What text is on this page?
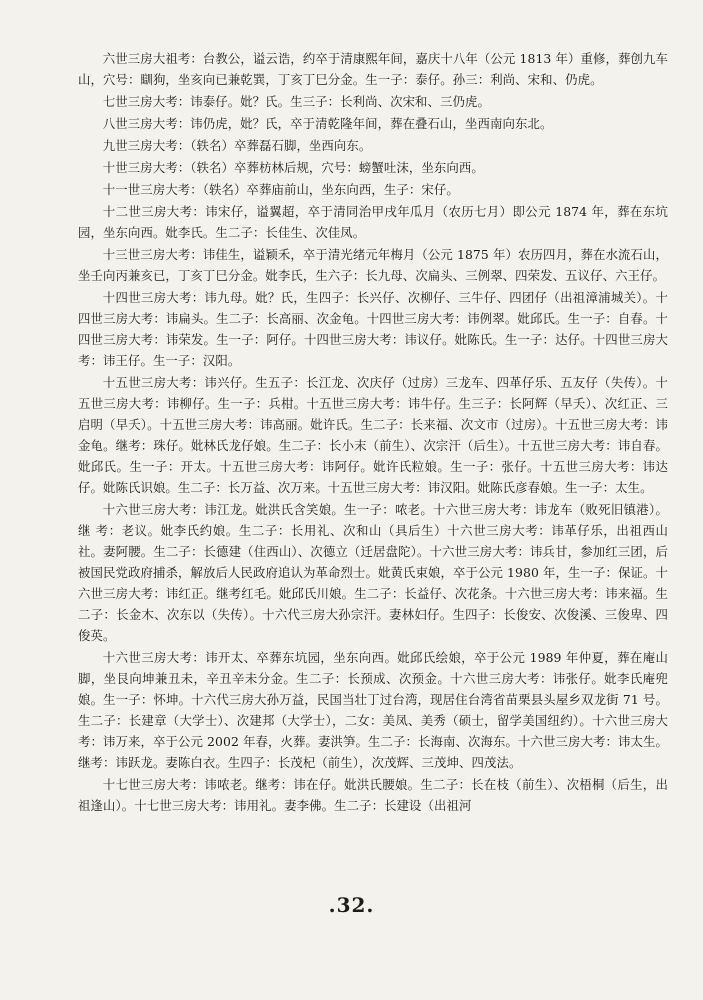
六世三房大祖考：台教公，谥云诰，约卒于清康熙年间，嘉庆十八年（公元 1813 年）重修，葬创九车山，穴号：瞓狗，坐亥向已兼乾巽，丁亥丁巳分金。生一子：泰仔。孙三：利尚、宋和、仍虎。

七世三房大考：讳泰仔。妣？氏。生三子：长利尚、次宋和、三仍虎。

八世三房大考：讳仍虎，妣？氏，卒于清乾隆年间，葬在叠石山，坐西南向东北。

九世三房大考：（轶名）卒葬磊石脚，坐西向东。

十世三房大考：（轶名）卒葬枋林后规，穴号：螃蟹吐沫，坐东向西。

十一世三房大考：（轶名）卒葬庙前山，坐东向西，生子：宋仔。

十二世三房大考：讳宋仔，谥翼超，卒于清同治甲戌年瓜月（农历七月）即公元 1874 年，葬在东坑园，坐东向西。妣李氏。生二子：长佳生、次佳凤。

十三世三房大考：讳佳生，谥颖禾，卒于清光绪元年梅月（公元 1875 年）农历四月，葬在水流石山，坐壬向丙兼亥已，丁亥丁巳分金。妣李氏，生六子：长九母、次扁头、三例翠、四荣发、五议仔、六王仔。

十四世三房大考：讳九母。妣？氏，生四子：长兴仔、次柳仔、三牛仔、四团仔（出祖漳浦城关）。十四世三房大考：讳扁头。生二子：长高丽、次金龟。十四世三房大考：讳例翠。妣邱氏。生一子：自春。十四世三房大考：讳荣发。生一子：阿仔。十四世三房大考：讳议仔。妣陈氏。生一子：达仔。十四世三房大考：讳王仔。生一子：汉阳。

十五世三房大考：讳兴仔。生五子：长江龙、次庆仔（过房）三龙车、四革仔乐、五友仔（失传）。十五世三房大考：讳柳仔。生一子：兵柑。十五世三房大考：讳牛仔。生三子：长阿辉（早夭）、次红正、三启明（早夭）。十五世三房大考：讳高丽。妣许氏。生二子：长来福、次文市（过房）。十五世三房大考：讳金龟。继考：珠仔。妣林氏龙仔娘。生二子：长小末（前生）、次宗汗（后生）。十五世三房大考：讳自春。妣邱氏。生一子：开太。十五世三房大考：讳阿仔。妣许氏粒娘。生一子：张仔。十五世三房大考：讳达仔。妣陈氏识娘。生二子：长万益、次万来。十五世三房大考：讳汉阳。妣陈氏彦春娘。生一子：太生。

十六世三房大考：讳江龙。妣洪氏含笑娘。生一子：哝老。十六世三房大考：讳龙车（败死旧镇港）。继 考：老议。妣李氏约娘。生二子：长用礼、次和山（具后生）十六世三房大考：讳革仔乐，出祖西山社。妻阿腰。生二子：长德建（住西山）、次德立（迁居盘陀）。十六世三房大考：讳兵甘，参加红三团，后被国民党政府捕杀，解放后人民政府追认为革命烈士。妣黄氏束娘，卒于公元 1980 年，生一子：保证。十六世三房大考：讳红正。继考红毛。妣邱氏川娘。生二子：长益仔、次花条。十六世三房大考：讳来福。生二子：长金木、次东以（失传）。十六代三房大孙宗汗。妻林妇仔。生四子：长俊安、次俊溪、三俊卑、四俊英。

十六世三房大考：讳开太、卒葬东坑园，坐东向西。妣邱氏绘娘，卒于公元 1989 年仲夏，葬在庵山脚，坐艮向坤兼丑未，辛丑辛未分金。生二子：长预成、次预金。十六世三房大考：讳张仔。妣李氏庵兜娘。生一子：怀坤。十六代三房大孙万益，民国当壮丁过台湾，现居住台湾省苗栗县头屋乡双龙街 71 号。生二子：长建章（大学士）、次建邦（大学士），二女：美凤、美秀（硕士，留学美国纽约）。十六世三房大考：讳万来，卒于公元 2002 年春，火葬。妻洪笋。生二子：长海南、次海东。十六世三房大考：讳太生。继考：讳跃龙。妻陈白衣。生四子：长茂杞（前生），次茂辉、三茂坤、四茂法。

十七世三房大考：讳哝老。继考：讳在仔。妣洪氏腰娘。生二子：长在枝（前生）、次梧桐（后生，出祖逢山）。十七世三房大考：讳用礼。妻李佛。生二子：长建设（出祖河

.32.
